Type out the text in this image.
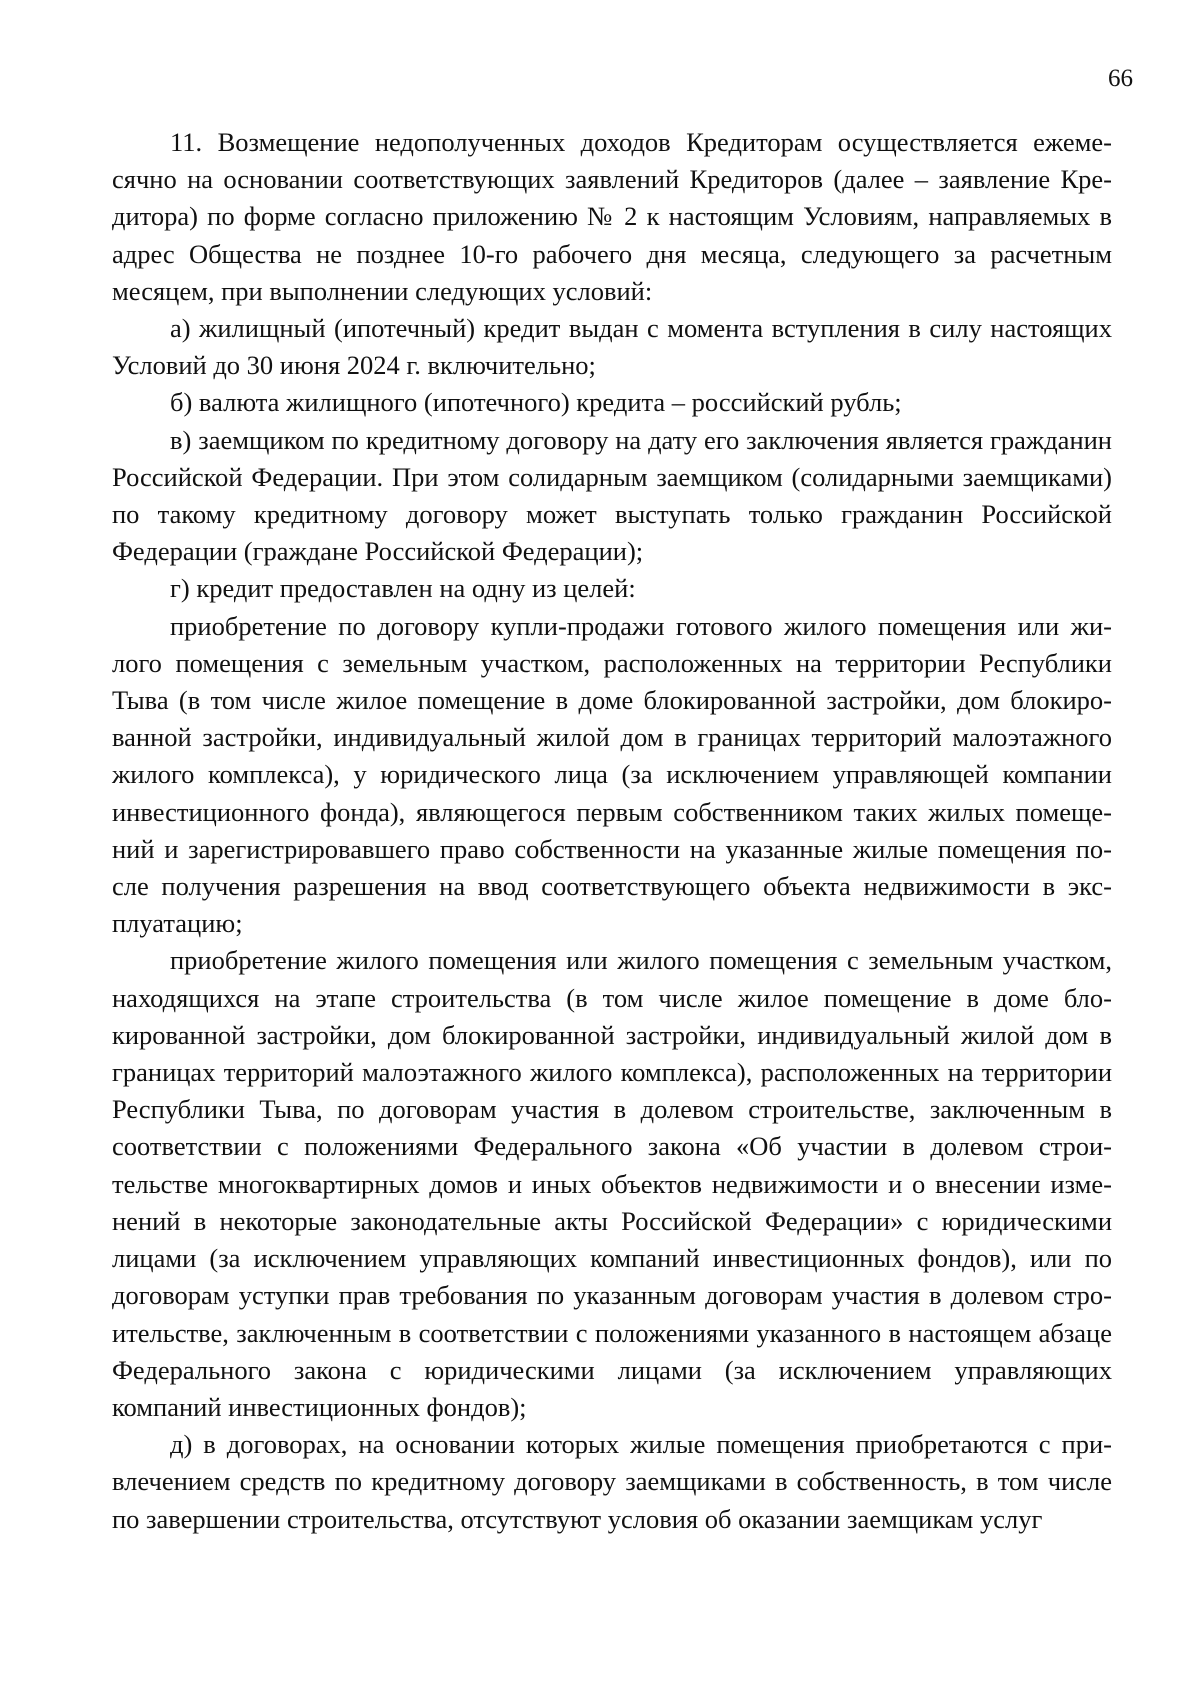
66

11. Возмещение недополученных доходов Кредиторам осуществляется ежемесячно на основании соответствующих заявлений Кредиторов (далее – заявление Кредитора) по форме согласно приложению № 2 к настоящим Условиям, направляемых в адрес Общества не позднее 10-го рабочего дня месяца, следующего за расчетным месяцем, при выполнении следующих условий:

а) жилищный (ипотечный) кредит выдан с момента вступления в силу настоящих Условий до 30 июня 2024 г. включительно;

б) валюта жилищного (ипотечного) кредита – российский рубль;

в) заемщиком по кредитному договору на дату его заключения является гражданин Российской Федерации. При этом солидарным заемщиком (солидарными заемщиками) по такому кредитному договору может выступать только гражданин Российской Федерации (граждане Российской Федерации);

г) кредит предоставлен на одну из целей:

приобретение по договору купли-продажи готового жилого помещения или жилого помещения с земельным участком, расположенных на территории Республики Тыва (в том числе жилое помещение в доме блокированной застройки, дом блокированной застройки, индивидуальный жилой дом в границах территорий малоэтажного жилого комплекса), у юридического лица (за исключением управляющей компании инвестиционного фонда), являющегося первым собственником таких жилых помещений и зарегистрировавшего право собственности на указанные жилые помещения после получения разрешения на ввод соответствующего объекта недвижимости в эксплуатацию;

приобретение жилого помещения или жилого помещения с земельным участком, находящихся на этапе строительства (в том числе жилое помещение в доме блокированной застройки, дом блокированной застройки, индивидуальный жилой дом в границах территорий малоэтажного жилого комплекса), расположенных на территории Республики Тыва, по договорам участия в долевом строительстве, заключенным в соответствии с положениями Федерального закона «Об участии в долевом строительстве многоквартирных домов и иных объектов недвижимости и о внесении изменений в некоторые законодательные акты Российской Федерации» с юридическими лицами (за исключением управляющих компаний инвестиционных фондов), или по договорам уступки прав требования по указанным договорам участия в долевом строительстве, заключенным в соответствии с положениями указанного в настоящем абзаце Федерального закона с юридическими лицами (за исключением управляющих компаний инвестиционных фондов);

д) в договорах, на основании которых жилые помещения приобретаются с привлечением средств по кредитному договору заемщиками в собственность, в том числе по завершении строительства, отсутствуют условия об оказании заемщикам услуг
